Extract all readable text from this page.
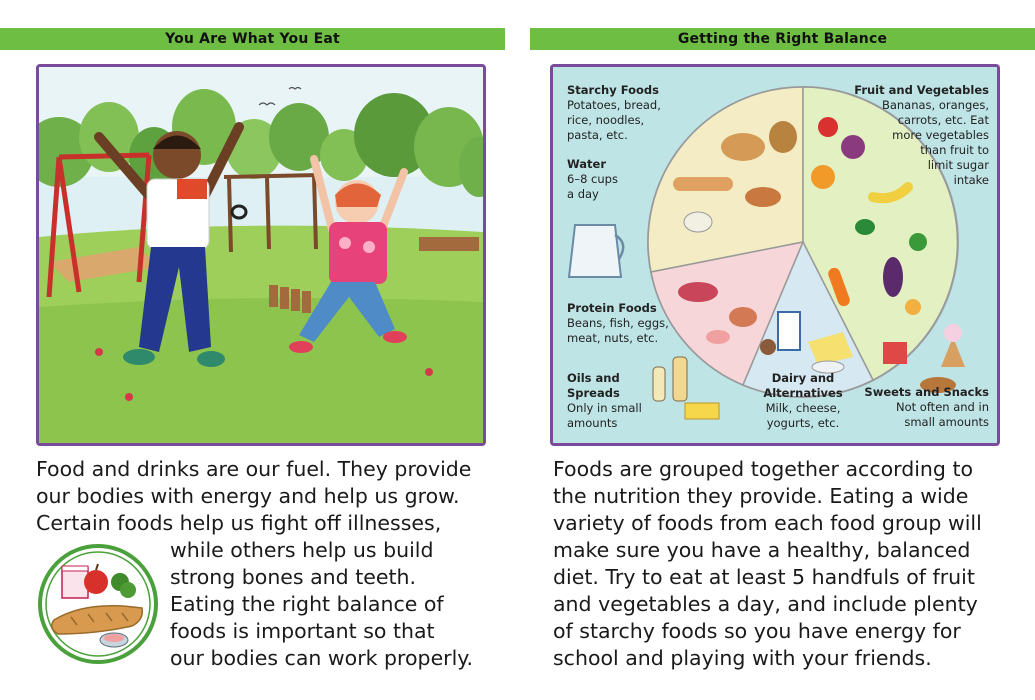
You Are What You Eat	Getting the Right Balance
Starchy Foods
Potatoes, bread,
rice, noodles,
pasta, etc.
Water
6–8 cups
a day
Fruit and Vegetables
Bananas, oranges,
carrots, etc. Eat
more vegetables
than fruit to
limit sugar
intake
Protein Foods
Beans, fish, eggs,
meat, nuts, etc.
Oils and Spreads
Only in small
amounts
Dairy and Alternatives
Milk, cheese,
yogurts, etc.
Sweets and Snacks
Not often and in
small amounts

Food and drinks are our fuel. They provide

our bodies with energy and help us grow.

Certain foods help us fight off illnesses,

while others help us build

strong bones and teeth.

Eating the right balance of

foods is important so that

our bodies can work properly.

Foods are grouped together according to

the nutrition they provide. Eating a wide

variety of foods from each food group will

make sure you have a healthy, balanced

diet. Try to eat at least 5 handfuls of fruit

and vegetables a day, and include plenty

of starchy foods so you have energy for

school and playing with your friends.
